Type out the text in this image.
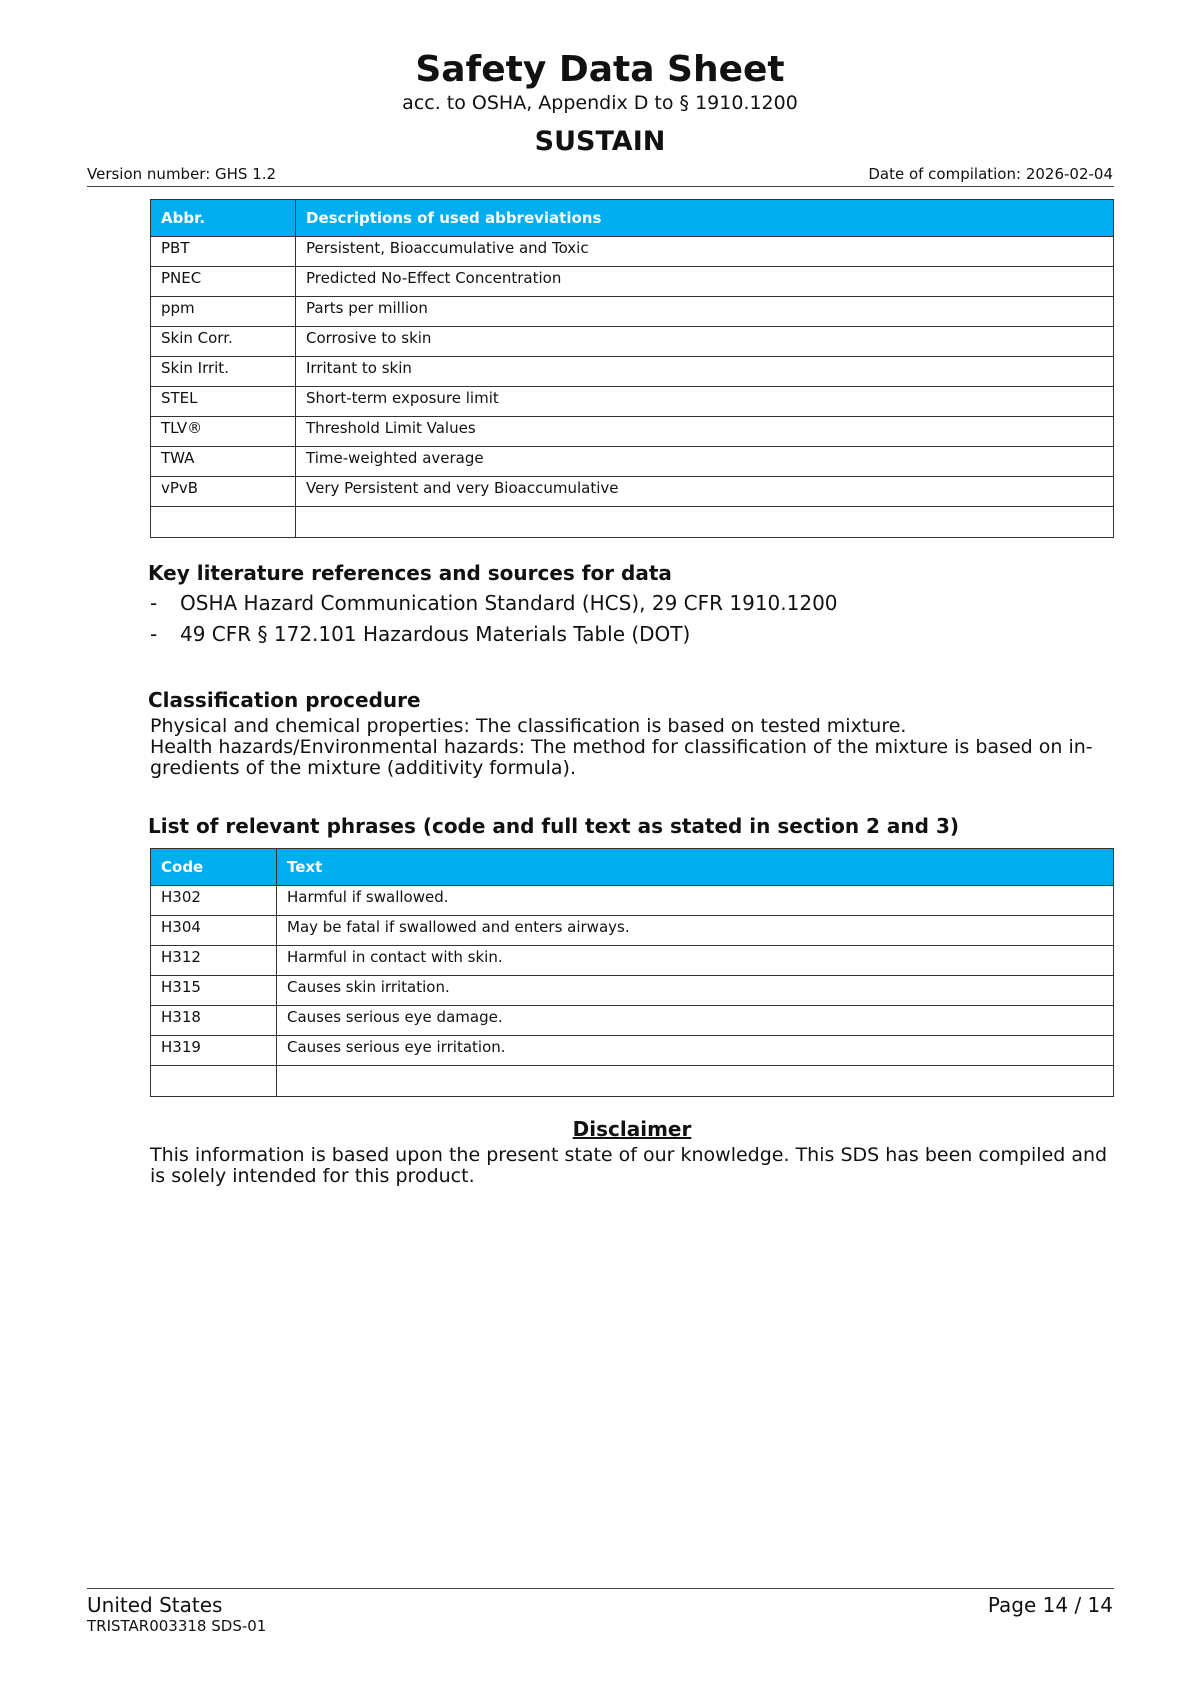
Safety Data Sheet
acc. to OSHA, Appendix D to § 1910.1200
SUSTAIN
Version number: GHS 1.2	Date of compilation: 2026-02-04
Abbr.	Descriptions of used abbreviations
PBT	Persistent, Bioaccumulative and Toxic
PNEC	Predicted No-Effect Concentration
ppm	Parts per million
Skin Corr.	Corrosive to skin
Skin Irrit.	Irritant to skin
STEL	Short-term exposure limit
TLV®	Threshold Limit Values
TWA	Time-weighted average
vPvB	Very Persistent and very Bioaccumulative

Key literature references and sources for data
- OSHA Hazard Communication Standard (HCS), 29 CFR 1910.1200
- 49 CFR § 172.101 Hazardous Materials Table (DOT)
Classification procedure
Physical and chemical properties: The classification is based on tested mixture.
Health hazards/Environmental hazards: The method for classification of the mixture is based on in-
gredients of the mixture (additivity formula).
List of relevant phrases (code and full text as stated in section 2 and 3)
Code	Text
H302	Harmful if swallowed.
H304	May be fatal if swallowed and enters airways.
H312	Harmful in contact with skin.
H315	Causes skin irritation.
H318	Causes serious eye damage.
H319	Causes serious eye irritation.

Disclaimer
This information is based upon the present state of our knowledge. This SDS has been compiled and
is solely intended for this product.
United States	Page 14 / 14
TRISTAR003318 SDS-01
